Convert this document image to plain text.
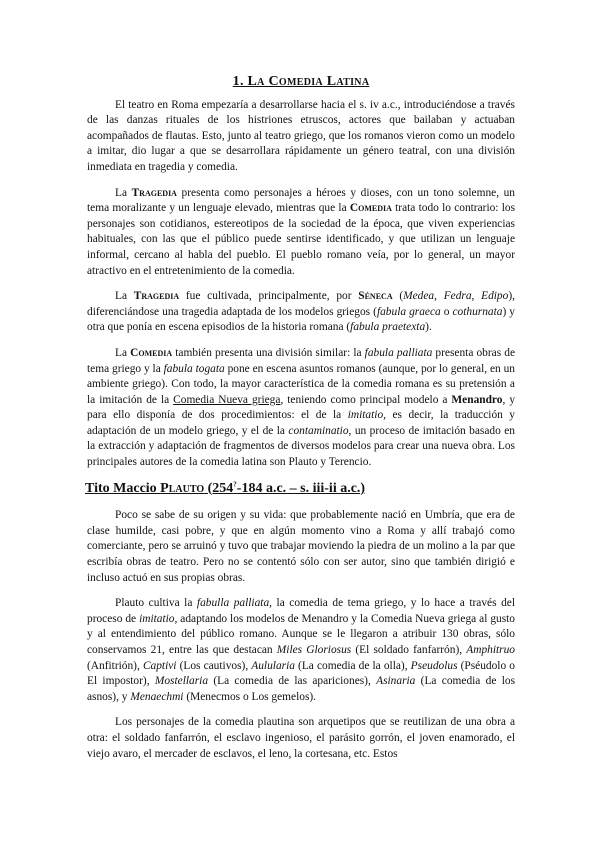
1. La Comedia Latina

El teatro en Roma empezaría a desarrollarse hacia el s. iv a.c., introduciéndose a través de las danzas rituales de los histriones etruscos, actores que bailaban y actuaban acompañados de flautas. Esto, junto al teatro griego, que los romanos vieron como un modelo a imitar, dio lugar a que se desarrollara rápidamente un género teatral, con una división inmediata en tragedia y comedia.

La Tragedia presenta como personajes a héroes y dioses, con un tono solemne, un tema moralizante y un lenguaje elevado, mientras que la Comedia trata todo lo contrario: los personajes son cotidianos, estereotipos de la sociedad de la época, que viven experiencias habituales, con las que el público puede sentirse identificado, y que utilizan un lenguaje informal, cercano al habla del pueblo. El pueblo romano veía, por lo general, un mayor atractivo en el entretenimiento de la comedia.

La Tragedia fue cultivada, principalmente, por Séneca (Medea, Fedra, Edipo), diferenciándose una tragedia adaptada de los modelos griegos (fabula graeca o cothurnata) y otra que ponía en escena episodios de la historia romana (fabula praetexta).

La Comedia también presenta una división similar: la fabula palliata presenta obras de tema griego y la fabula togata pone en escena asuntos romanos (aunque, por lo general, en un ambiente griego). Con todo, la mayor característica de la comedia romana es su pretensión a la imitación de la Comedia Nueva griega, teniendo como principal modelo a Menandro, y para ello disponía de dos procedimientos: el de la imitatio, es decir, la traducción y adaptación de un modelo griego, y el de la contaminatio, un proceso de imitación basado en la extracción y adaptación de fragmentos de diversos modelos para crear una nueva obra. Los principales autores de la comedia latina son Plauto y Terencio.

Tito Maccio Plauto (254?-184 a.c. – s. iii-ii a.c.)

Poco se sabe de su origen y su vida: que probablemente nació en Umbría, que era de clase humilde, casi pobre, y que en algún momento vino a Roma y allí trabajó como comerciante, pero se arruinó y tuvo que trabajar moviendo la piedra de un molino a la par que escribía obras de teatro. Pero no se contentó sólo con ser autor, sino que también dirigió e incluso actuó en sus propias obras.

Plauto cultiva la fabulla palliata, la comedia de tema griego, y lo hace a través del proceso de imitatio, adaptando los modelos de Menandro y la Comedia Nueva griega al gusto y al entendimiento del público romano. Aunque se le llegaron a atribuir 130 obras, sólo conservamos 21, entre las que destacan Miles Gloriosus (El soldado fanfarrón), Amphitruo (Anfitrión), Captivi (Los cautivos), Aulularia (La comedia de la olla), Pseudolus (Pséudolo o El impostor), Mostellaria (La comedia de las apariciones), Asinaria (La comedia de los asnos), y Menaechmi (Menecmos o Los gemelos).

Los personajes de la comedia plautina son arquetipos que se reutilizan de una obra a otra: el soldado fanfarrón, el esclavo ingenioso, el parásito gorrón, el joven enamorado, el viejo avaro, el mercader de esclavos, el leno, la cortesana, etc. Estos
